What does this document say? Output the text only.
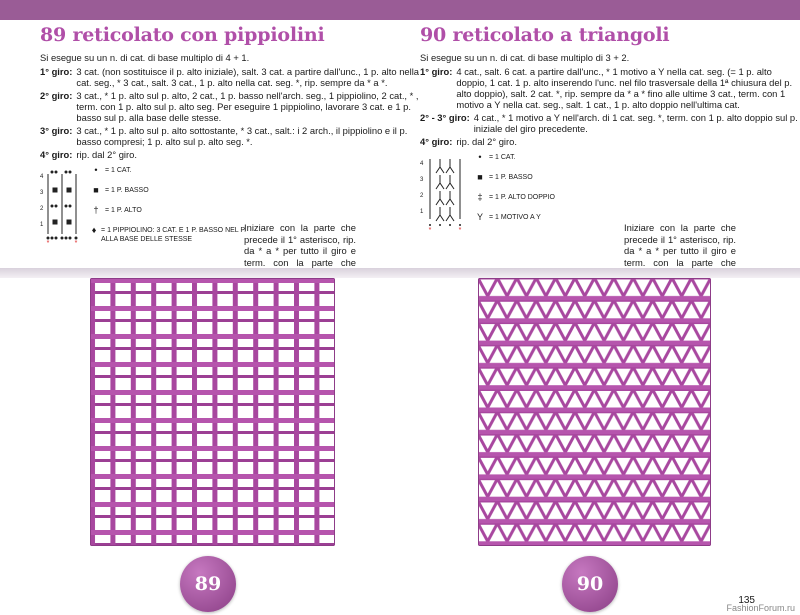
89 reticolato con pippiolini

Si esegue su un n. di cat. di base multiplo di 4 + 1.

1° giro: 3 cat. (non sostituisce il p. alto iniziale), salt. 3 cat. a partire dall'unc., 1 p. alto nella cat. seg., * 3 cat., salt. 3 cat., 1 p. alto nella cat. seg. *, rip. sempre da * a *.
2° giro: 3 cat., * 1 p. alto sul p. alto, 2 cat., 1 p. basso nell'arch. seg., 1 pippiolino, 2 cat., * , term. con 1 p. alto sul p. alto seg. Per eseguire 1 pippiolino, lavorare 3 cat. e 1 p. basso sul p. alla base delle stesse.
3° giro: 3 cat., * 1 p. alto sul p. alto sottostante, * 3 cat., salt.: i 2 arch., il pippiolino e il p. basso compresi; 1 p. alto sul p. alto seg. *.
4° giro: rip. dal 2° giro.
*	*
4
3
2
1
•	= 1 CAT.
■ = 1 P. BASSO
† = 1 P. ALTO
♦ = 1 PIPPIOLINO: 3 CAT. E 1 P. BASSO NEL P. ALLA BASE DELLE STESSE
Iniziare con la parte che precede il 1° asterisco, rip. da * a * per tutto il giro e term. con la parte che
90 reticolato a triangoli

Si esegue su un n. di cat. di base multiplo di 3 + 2.

1° giro: 4 cat., salt. 6 cat. a partire dall'unc., * 1 motivo a Y nella cat. seg. (= 1 p. alto doppio, 1 cat. 1 p. alto inserendo l'unc. nel filo trasversale della 1ª chiusura del p. alto doppio), salt. 2 cat. *, rip. sempre da * a * fino alle ultime 3 cat., term. con 1 motivo a Y nella cat. seg., salt. 1 cat., 1 p. alto doppio nell'ultima cat.
2° - 3° giro: 4 cat., * 1 motivo a Y nell'arch. di 1 cat. seg. *, term. con 1 p. alto doppio sul p. iniziale del giro precedente.
4° giro: rip. dal 2° giro.
*	*
4
3
2
1
•	= 1 CAT.
■ = 1 P. BASSO
‡ = 1 P. ALTO DOPPIO
Y = 1 MOTIVO A Y
Iniziare con la parte che precede il 1° asterisco, rip. da * a * per tutto il giro e term. con la parte che
89	90
135
FashionForum.ru
